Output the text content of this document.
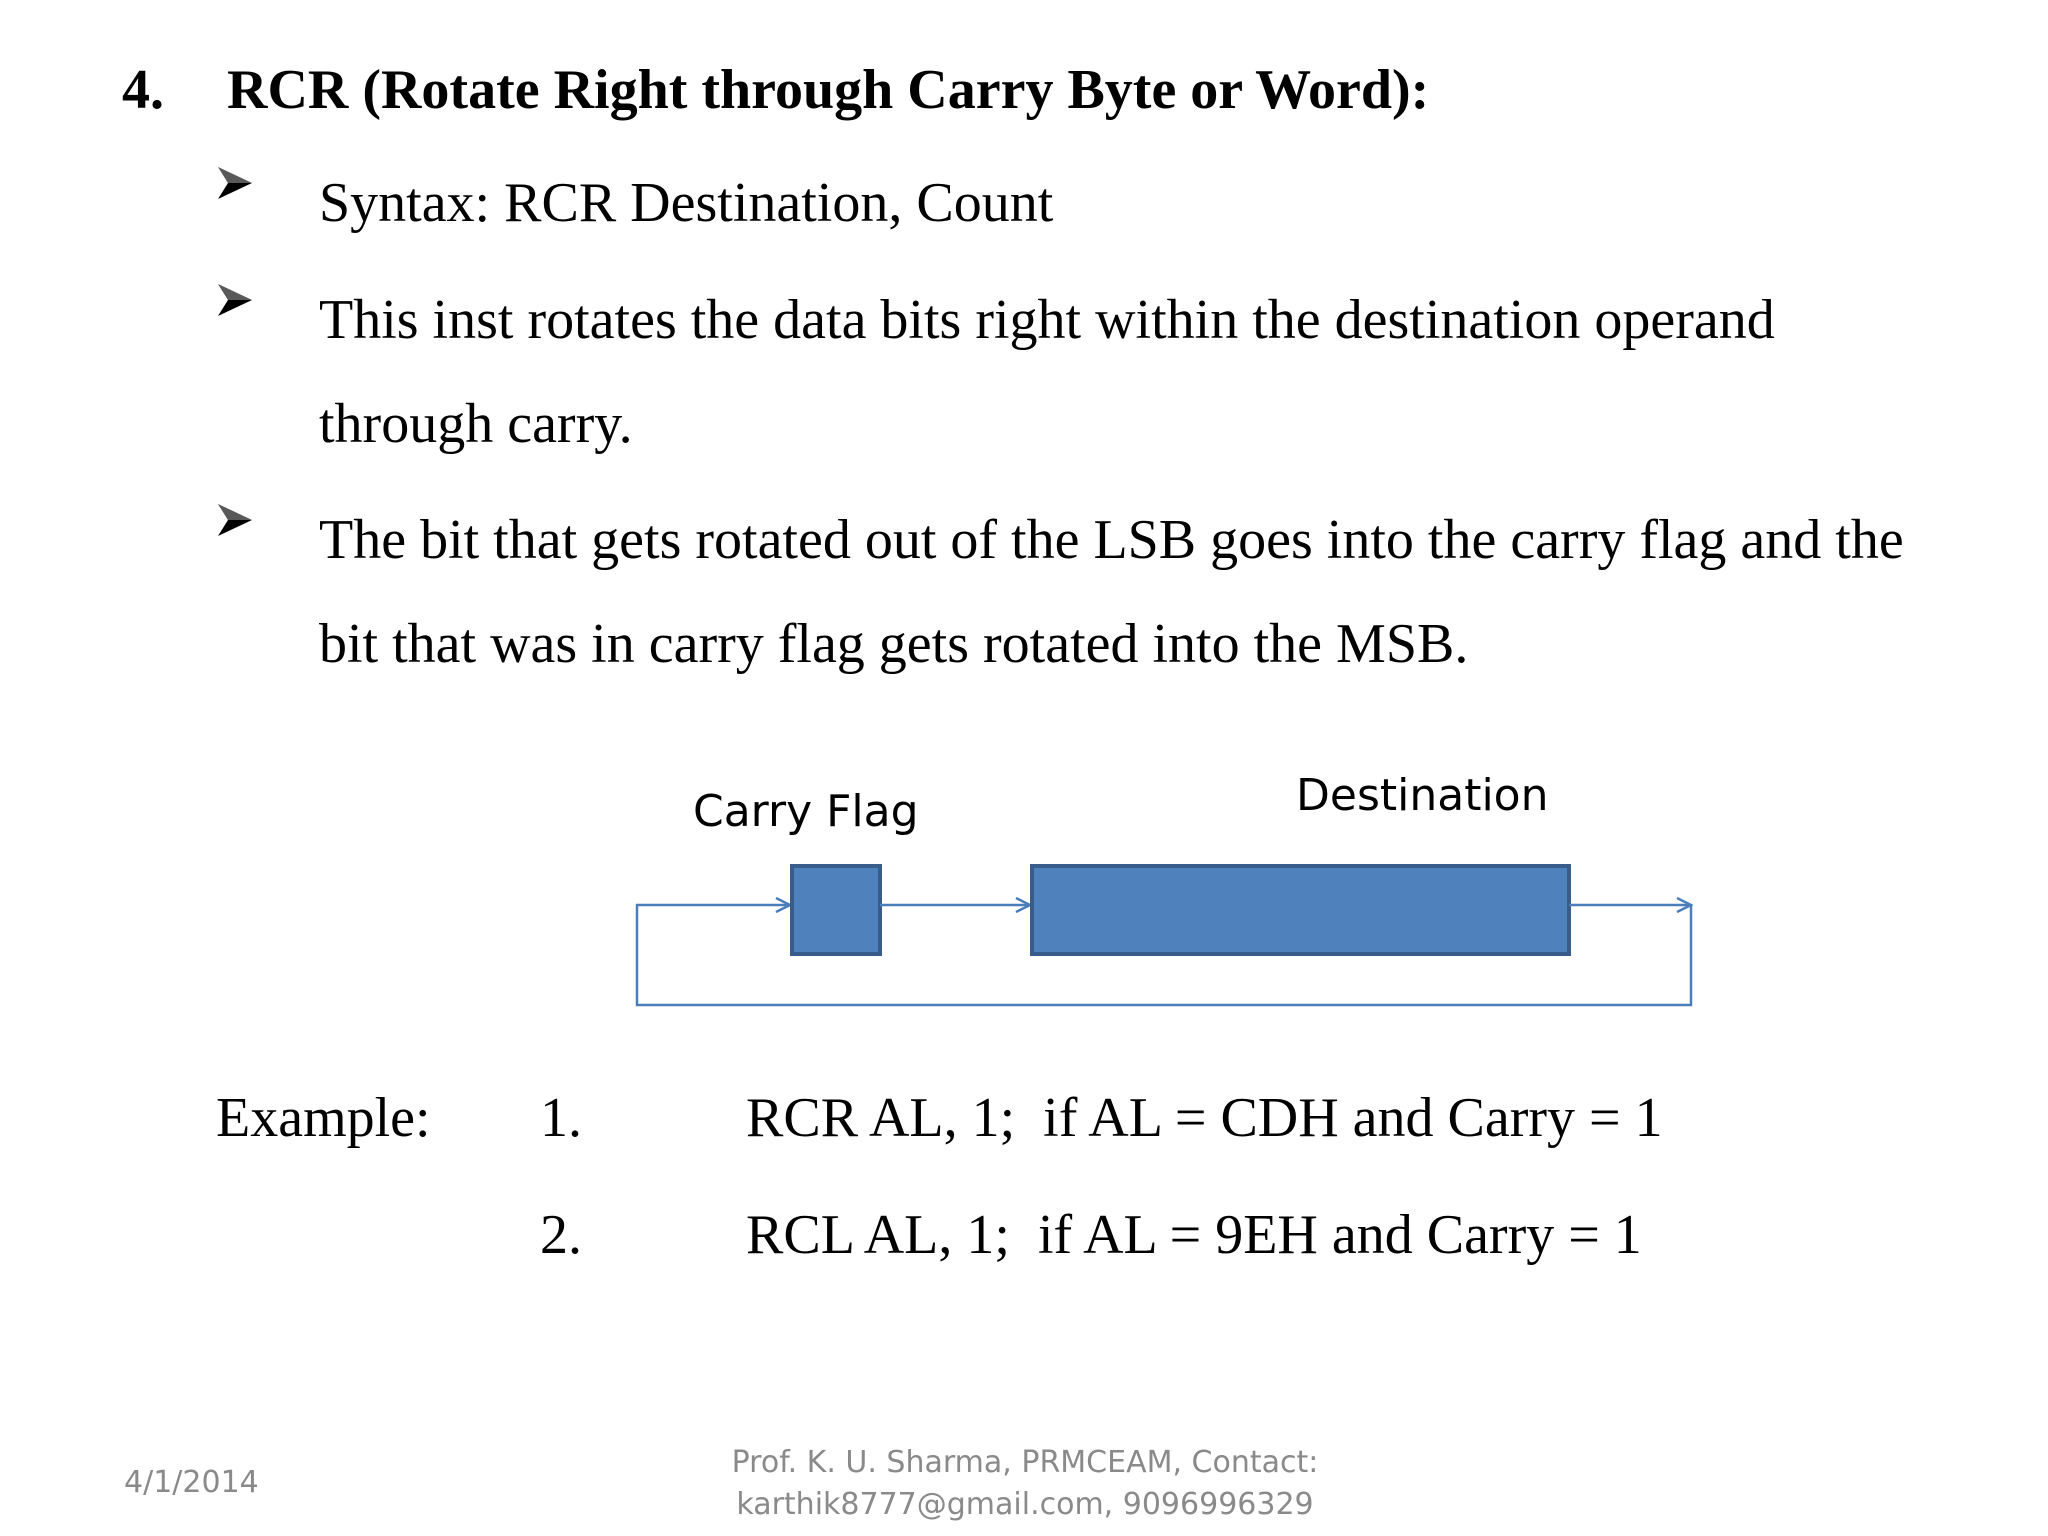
4. RCR (Rotate Right through Carry Byte or Word):
Syntax: RCR Destination, Count
This inst rotates the data bits right within the destination operand through carry.
The bit that gets rotated out of the LSB goes into the carry flag and the bit that was in carry flag gets rotated into the MSB.
Carry Flag	Destination
Example:

1.

	RCR AL, 1;  if AL = CDH and Carry = 1

2.

	RCL AL, 1;  if AL = 9EH and Carry = 1

4/1/2014
Prof. K. U. Sharma, PRMCEAM, Contact:
karthik8777@gmail.com, 9096996329
